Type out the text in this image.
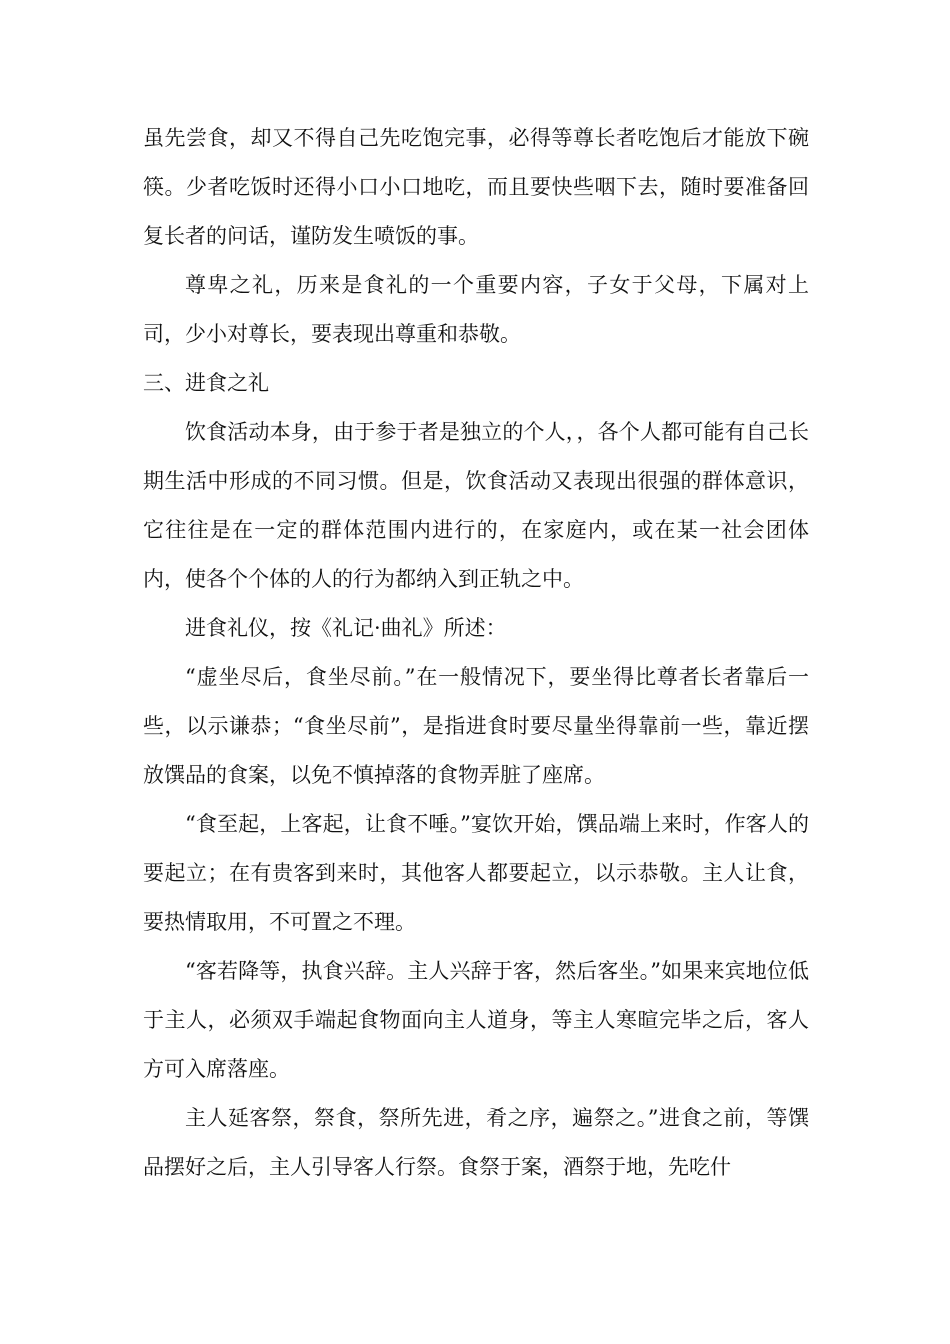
虽先尝食，却又不得自己先吃饱完事，必得等尊长者吃饱后才能放下碗筷。少者吃饭时还得小口小口地吃，而且要快些咽下去，随时要准备回复长者的问话，谨防发生喷饭的事。

尊卑之礼，历来是食礼的一个重要内容，子女于父母，下属对上司，少小对尊长，要表现出尊重和恭敬。

三、进食之礼

饮食活动本身，由于参于者是独立的个人，，各个人都可能有自己长期生活中形成的不同习惯。但是，饮食活动又表现出很强的群体意识，它往往是在一定的群体范围内进行的，在家庭内，或在某一社会团体内，使各个个体的人的行为都纳入到正轨之中。

进食礼仪，按《礼记·曲礼》所述：

“虚坐尽后，食坐尽前。”在一般情况下，要坐得比尊者长者靠后一些，以示谦恭；“食坐尽前”，是指进食时要尽量坐得靠前一些，靠近摆放馔品的食案，以免不慎掉落的食物弄脏了座席。

“食至起，上客起，让食不唾。”宴饮开始，馔品端上来时，作客人的要起立；在有贵客到来时，其他客人都要起立，以示恭敬。主人让食，要热情取用，不可置之不理。

“客若降等，执食兴辞。主人兴辞于客，然后客坐。”如果来宾地位低于主人，必须双手端起食物面向主人道身，等主人寒暄完毕之后，客人方可入席落座。

主人延客祭，祭食，祭所先进，肴之序，遍祭之。”进食之前，等馔品摆好之后，主人引导客人行祭。食祭于案，酒祭于地，先吃什
